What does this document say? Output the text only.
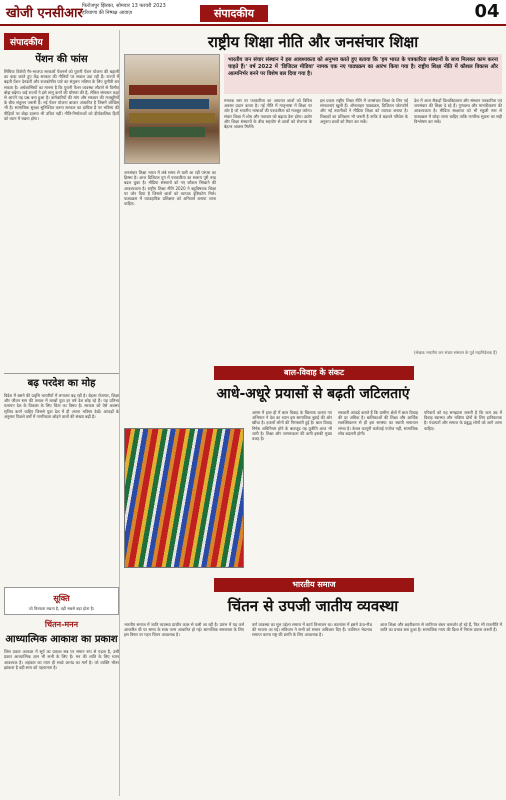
खोजी एनसीआर फिरोजपुर झिरका, सोमवार 13 फरवरी 2023
हरियाणा की निष्पक्ष आवाज़	संपादकीय	04
संपादकीय
पेंशन की फांस
सिंधिया विरोधी गैर-भाजपा सरकारों पेंशनर्स को पुरानी पेंशन योजना की बहाली का वादा करते हुए केंद्र सरकार की नीतियों पर सवाल उठा रही हैं। राज्यों में बढ़ती पेंशन देनदारी और राजकोषीय घाटे का संतुलन भविष्य के लिए चुनौती बन सकता है। अर्थशास्त्रियों का मानना है कि पुरानी पेंशन व्यवस्था लौटाने से वित्तीय बोझ बढ़ेगा। कई राज्यों ने इसे लागू करने की घोषणा की है, लेकिन संसाधन कहां से आएंगे यह प्रश्न बना हुआ है। कर्मचारियों की मांग और सरकार की मजबूरियों के बीच संतुलन जरूरी है। नई पेंशन योजना बाजार आधारित है जिसमें जोखिम भी है। सामाजिक सुरक्षा सुनिश्चित करना सरकार का दायित्व है पर भविष्य की पीढ़ियों पर बोझ डालना भी उचित नहीं। नीति-निर्माताओं को दीर्घकालिक हितों को ध्यान में रखना होगा।
बढ़ परदेश का मोह
विदेश में बसने की प्रवृत्ति भारतीयों में लगातार बढ़ रही है। बेहतर रोजगार, शिक्षा और जीवन स्तर की तलाश में लाखों युवा हर वर्ष देश छोड़ रहे हैं। यह प्रतिभा पलायन देश के विकास के लिए चिंता का विषय है। सरकार को ऐसे अवसर सृजित करने चाहिए जिससे युवा देश में ही अपना भविष्य देखें। आंकड़ों के अनुसार पिछले वर्षों में नागरिकता छोड़ने वालों की संख्या बढ़ी है।
सूक्ति
जो विनम्रता रखता है, वही सबसे बड़ा होता है।
चिंतन-मनन
आध्यात्मिक आकाश का प्रकाश
जिस प्रकार आकाश में सूर्य का प्रकाश सब पर समान रूप से पड़ता है, उसी प्रकार आध्यात्मिक ज्ञान भी सभी के लिए है। मन की शांति के लिए ध्यान आवश्यक है। अहंकार का त्याग ही सच्चे आनंद का मार्ग है। जो व्यक्ति भीतर झांकता है वही सत्य को पहचानता है।
राष्ट्रीय शिक्षा नीति और जनसंचार शिक्षा
भारतीय जन संचार संस्थान ने इस आवश्यकता को अनुभव करते हुए बताया कि 'हम भारत के पत्रकारिता संस्थानों के साथ मिलकर काम करना चाहते हैं।' वर्ष 2022 में 'डिजिटल मीडिया' नामक एक नए पाठ्यक्रम का आरंभ किया गया है। राष्ट्रीय शिक्षा नीति में कौशल विकास और आत्मनिर्भर बनने पर विशेष बल दिया गया है।
जनसंचार शिक्षा भारत में लंबे समय से चली आ रही परंपरा का हिस्सा है। आज डिजिटल युग में पत्रकारिता का स्वरूप पूरी तरह बदल चुका है। मीडिया संस्थानों को नए कौशल सिखाने की आवश्यकता है। राष्ट्रीय शिक्षा नीति 2020 ने बहुविषयक शिक्षा पर जोर दिया है जिससे छात्रों को व्यापक दृष्टिकोण मिले। पाठ्यक्रम में व्यावहारिक प्रशिक्षण को अनिवार्य बनाया जाना चाहिए।
स्नातक स्तर पर पत्रकारिता का अध्ययन छात्रों को विविध अवसर प्रदान करता है। नई नीति में मातृभाषा में शिक्षा पर जोर है जो भारतीय भाषाओं की पत्रकारिता को मजबूत करेगा। संचार शिक्षा में शोध और नवाचार को बढ़ावा देना होगा। उद्योग और शिक्षा संस्थानों के बीच सहयोग से छात्रों को रोजगार के बेहतर अवसर मिलेंगे।
इस प्रकार राष्ट्रीय शिक्षा नीति में जनसंचार शिक्षा के लिए नई संभावनाएं खुली हैं। ऑनलाइन पाठ्यक्रम, डिजिटल प्लेटफॉर्म और नई तकनीकों ने मीडिया शिक्षा को व्यापक बनाया है। शिक्षकों का प्रशिक्षण भी जरूरी है ताकि वे बदलते परिवेश के अनुरूप छात्रों को तैयार कर सकें।
देश में आज सैकड़ों विश्वविद्यालय और संस्थान पत्रकारिता एवं जनसंचार की शिक्षा दे रहे हैं। गुणवत्ता और मानकीकरण की आवश्यकता है। मीडिया साक्षरता को भी स्कूली स्तर से पाठ्यक्रम में जोड़ा जाना चाहिए ताकि नागरिक सूचना का सही विश्लेषण कर सकें।
(लेखक भारतीय जन संचार संस्थान के पूर्व महानिदेशक हैं)
बाल-विवाह के संकट
आधे-अधूरे प्रयासों से बढ़ती जटिलताएं
असम में हाल ही में बाल विवाह के खिलाफ चलाए गए अभियान ने देश का ध्यान इस सामाजिक बुराई की ओर खींचा है। हजारों लोगों की गिरफ्तारी हुई है। बाल विवाह निषेध अधिनियम होने के बावजूद यह कुरीति आज भी जारी है। शिक्षा और जागरूकता की कमी इसकी मुख्य वजह है।
सरकारी आंकड़े बताते हैं कि ग्रामीण क्षेत्रों में बाल विवाह की दर अधिक है। बालिकाओं की शिक्षा और आर्थिक सशक्तिकरण से ही इस समस्या का स्थायी समाधान संभव है। केवल कानूनी कार्रवाई पर्याप्त नहीं, सामाजिक सोच बदलनी होगी।
परिवारों को यह समझाना जरूरी है कि कम उम्र में विवाह स्वास्थ्य और भविष्य दोनों के लिए हानिकारक है। पंचायतों और समाज के प्रबुद्ध लोगों को आगे आना चाहिए।
भारतीय समाज
चिंतन से उपजी जातीय व्यवस्था
भारतीय समाज में जाति व्यवस्था प्राचीन काल से चली आ रही है। प्रारंभ में यह कर्म आधारित थी पर समय के साथ जन्म आधारित हो गई। सामाजिक समरसता के लिए इस विषय पर गहन चिंतन आवश्यक है।
वर्ण व्यवस्था का मूल उद्देश्य समाज में कार्य विभाजन था। कालांतर में इसमें ऊंच-नीच की भावना आ गई। संविधान ने सभी को समान अधिकार दिए हैं। जातिगत भेदभाव समाप्त करना राष्ट्र की प्रगति के लिए आवश्यक है।
आज शिक्षा और शहरीकरण से जातिगत बंधन कमजोर हो रहे हैं, फिर भी राजनीति में जाति का प्रभाव बना हुआ है। सामाजिक न्याय की दिशा में निरंतर प्रयास जरूरी हैं।
